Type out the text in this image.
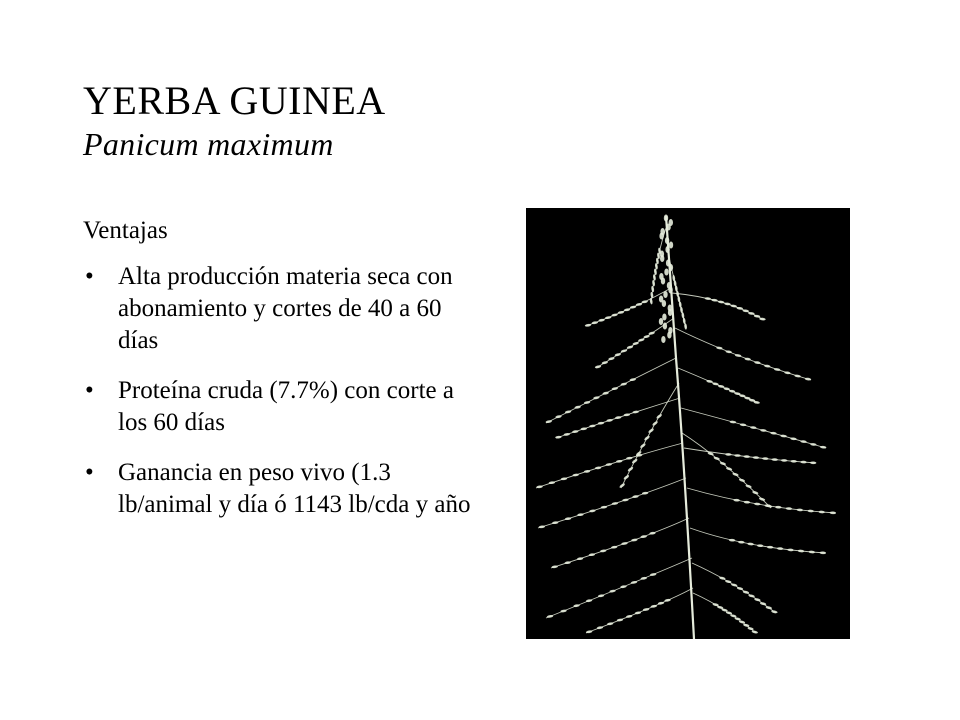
YERBA GUINEA
Panicum maximum
Ventajas
• Alta producción materia seca con abonamiento y cortes de 40 a 60 días
• Proteína cruda (7.7%) con corte a los 60 días
• Ganancia en peso vivo (1.3 lb/animal y día ó 1143 lb/cda y año
